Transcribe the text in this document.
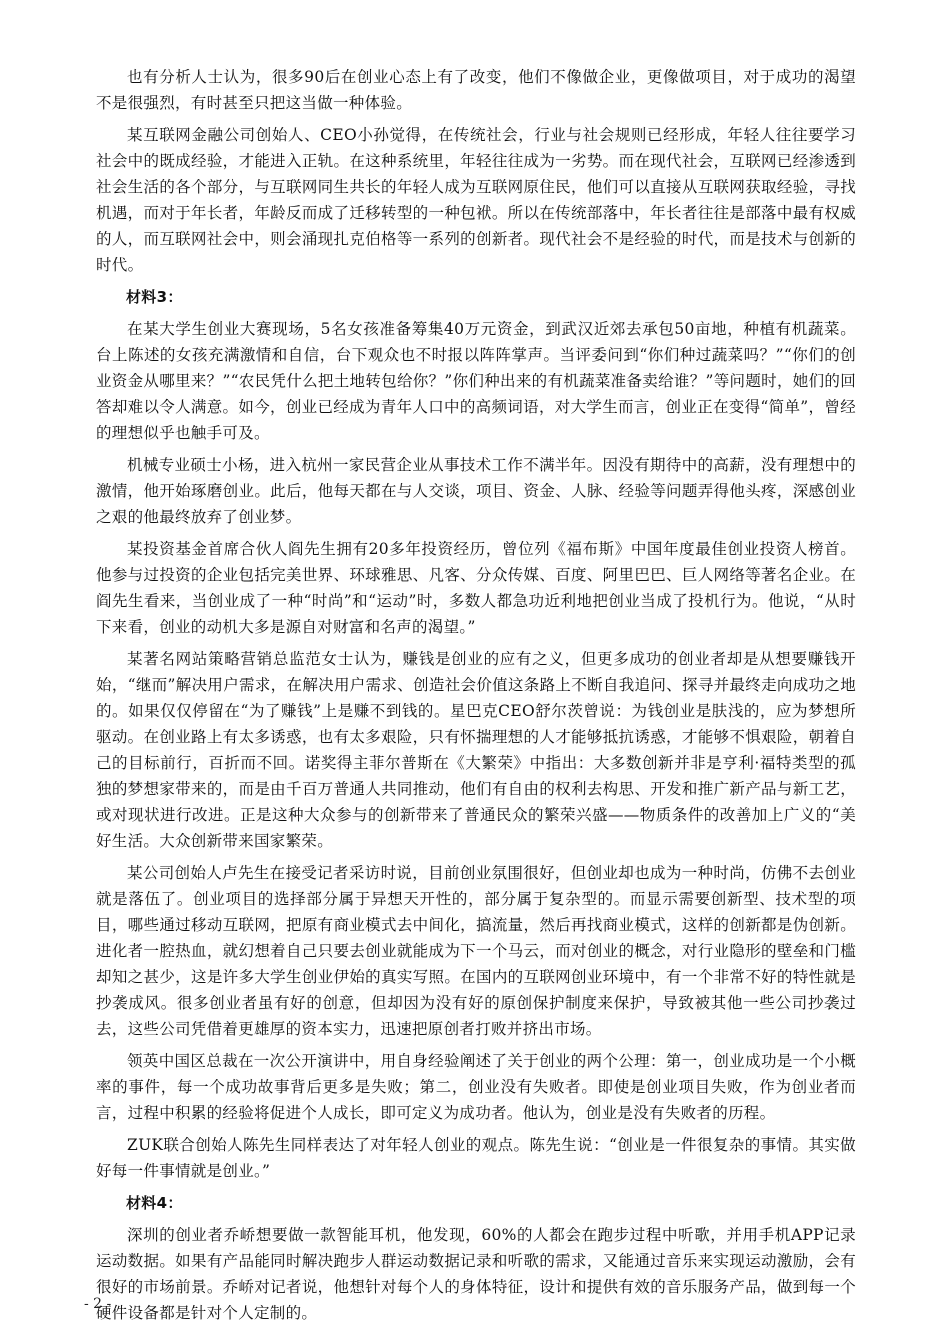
也有分析人士认为，很多90后在创业心态上有了改变，他们不像做企业，更像做项目，对于成功的渴望不是很强烈，有时甚至只把这当做一种体验。

某互联网金融公司创始人、CEO小孙觉得，在传统社会，行业与社会规则已经形成，年轻人往往要学习社会中的既成经验，才能进入正轨。在这种系统里，年轻往往成为一劣势。而在现代社会，互联网已经渗透到社会生活的各个部分，与互联网同生共长的年轻人成为互联网原住民，他们可以直接从互联网获取经验，寻找机遇，而对于年长者，年龄反而成了迁移转型的一种包袱。所以在传统部落中，年长者往往是部落中最有权威的人，而互联网社会中，则会涌现扎克伯格等一系列的创新者。现代社会不是经验的时代，而是技术与创新的时代。

材料3：

在某大学生创业大赛现场，5名女孩准备筹集40万元资金，到武汉近郊去承包50亩地，种植有机蔬菜。台上陈述的女孩充满激情和自信，台下观众也不时报以阵阵掌声。当评委问到“你们种过蔬菜吗？”“你们的创业资金从哪里来？”“农民凭什么把土地转包给你？”你们种出来的有机蔬菜准备卖给谁？”等问题时，她们的回答却难以令人满意。如今，创业已经成为青年人口中的高频词语，对大学生而言，创业正在变得“简单”，曾经的理想似乎也触手可及。

机械专业硕士小杨，进入杭州一家民营企业从事技术工作不满半年。因没有期待中的高薪，没有理想中的激情，他开始琢磨创业。此后，他每天都在与人交谈，项目、资金、人脉、经验等问题弄得他头疼，深感创业之艰的他最终放弃了创业梦。

某投资基金首席合伙人阎先生拥有20多年投资经历，曾位列《福布斯》中国年度最佳创业投资人榜首。他参与过投资的企业包括完美世界、环球雅思、凡客、分众传媒、百度、阿里巴巴、巨人网络等著名企业。在阎先生看来，当创业成了一种“时尚”和“运动”时，多数人都急功近利地把创业当成了投机行为。他说，“从时下来看，创业的动机大多是源自对财富和名声的渴望。”

某著名网站策略营销总监范女士认为，赚钱是创业的应有之义，但更多成功的创业者却是从想要赚钱开始，“继而”解决用户需求，在解决用户需求、创造社会价值这条路上不断自我追问、探寻并最终走向成功之地的。如果仅仅停留在“为了赚钱”上是赚不到钱的。星巴克CEO舒尔茨曾说：为钱创业是肤浅的，应为梦想所驱动。在创业路上有太多诱惑，也有太多艰险，只有怀揣理想的人才能够抵抗诱惑，才能够不惧艰险，朝着自己的目标前行，百折而不回。诺奖得主菲尔普斯在《大繁荣》中指出：大多数创新并非是亨利·福特类型的孤独的梦想家带来的，而是由千百万普通人共同推动，他们有自由的权利去构思、开发和推广新产品与新工艺，或对现状进行改进。正是这种大众参与的创新带来了普通民众的繁荣兴盛——物质条件的改善加上广义的“美好生活。大众创新带来国家繁荣。

某公司创始人卢先生在接受记者采访时说，目前创业氛围很好，但创业却也成为一种时尚，仿佛不去创业就是落伍了。创业项目的选择部分属于异想天开性的，部分属于复杂型的。而显示需要创新型、技术型的项目，哪些通过移动互联网，把原有商业模式去中间化，搞流量，然后再找商业模式，这样的创新都是伪创新。进化者一腔热血，就幻想着自己只要去创业就能成为下一个马云，而对创业的概念，对行业隐形的壁垒和门槛却知之甚少，这是许多大学生创业伊始的真实写照。在国内的互联网创业环境中，有一个非常不好的特性就是抄袭成风。很多创业者虽有好的创意，但却因为没有好的原创保护制度来保护，导致被其他一些公司抄袭过去，这些公司凭借着更雄厚的资本实力，迅速把原创者打败并挤出市场。

领英中国区总裁在一次公开演讲中，用自身经验阐述了关于创业的两个公理：第一，创业成功是一个小概率的事件，每一个成功故事背后更多是失败；第二，创业没有失败者。即使是创业项目失败，作为创业者而言，过程中积累的经验将促进个人成长，即可定义为成功者。他认为，创业是没有失败者的历程。

ZUK联合创始人陈先生同样表达了对年轻人创业的观点。陈先生说：“创业是一件很复杂的事情。其实做好每一件事情就是创业。”

材料4：

深圳的创业者乔峤想要做一款智能耳机，他发现，60%的人都会在跑步过程中听歌，并用手机APP记录运动数据。如果有产品能同时解决跑步人群运动数据记录和听歌的需求，又能通过音乐来实现运动激励，会有很好的市场前景。乔峤对记者说，他想针对每个人的身体特征，设计和提供有效的音乐服务产品，做到每一个硬件设备都是针对个人定制的。

- 2 -
